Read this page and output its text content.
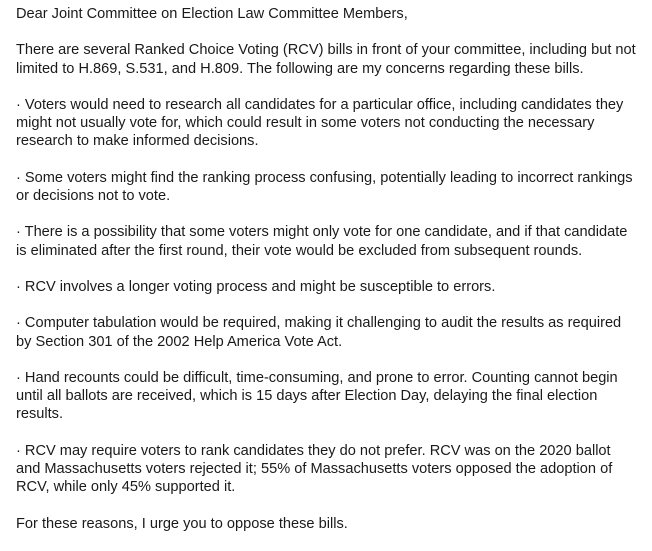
Dear Joint Committee on Election Law Committee Members,

There are several Ranked Choice Voting (RCV) bills in front of your committee, including but not limited to H.869, S.531, and H.809. The following are my concerns regarding these bills.

· Voters would need to research all candidates for a particular office, including candidates they might not usually vote for, which could result in some voters not conducting the necessary research to make informed decisions.

· Some voters might find the ranking process confusing, potentially leading to incorrect rankings or decisions not to vote.

· There is a possibility that some voters might only vote for one candidate, and if that candidate is eliminated after the first round, their vote would be excluded from subsequent rounds.

· RCV involves a longer voting process and might be susceptible to errors.

· Computer tabulation would be required, making it challenging to audit the results as required by Section 301 of the 2002 Help America Vote Act.

· Hand recounts could be difficult, time-consuming, and prone to error. Counting cannot begin until all ballots are received, which is 15 days after Election Day, delaying the final election results.

· RCV may require voters to rank candidates they do not prefer. RCV was on the 2020 ballot and Massachusetts voters rejected it; 55% of Massachusetts voters opposed the adoption of RCV, while only 45% supported it.

For these reasons, I urge you to oppose these bills.
